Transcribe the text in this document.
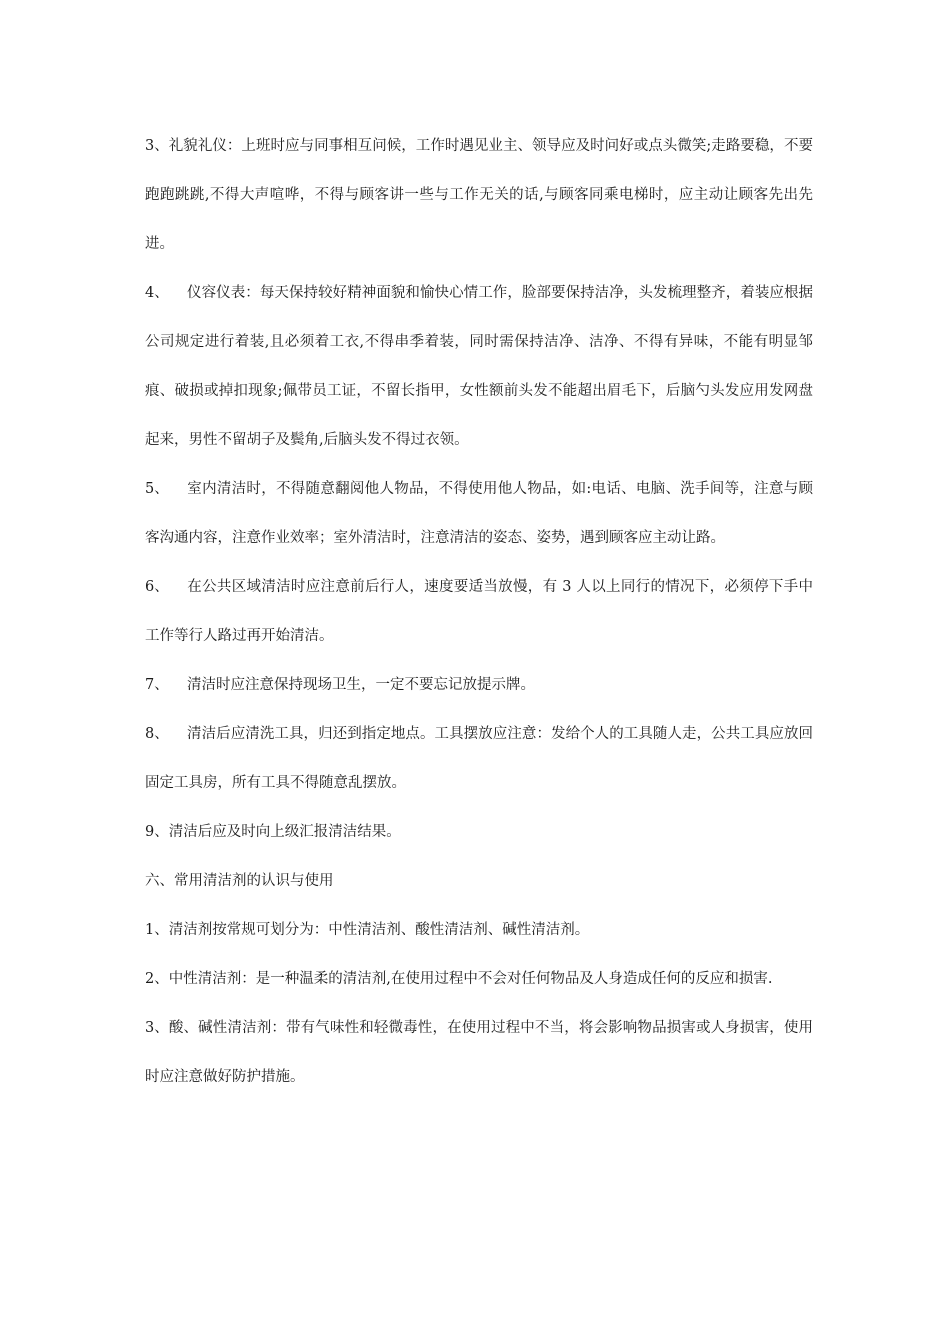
3、礼貌礼仪：上班时应与同事相互问候，工作时遇见业主、领导应及时问好或点头微笑;走路要稳，不要跑跑跳跳,不得大声喧哗，不得与顾客讲一些与工作无关的话,与顾客同乘电梯时，应主动让顾客先出先进。

4、 仪容仪表：每天保持较好精神面貌和愉快心情工作，脸部要保持洁净，头发梳理整齐，着装应根据公司规定进行着装,且必须着工衣,不得串季着装，同时需保持洁净、洁净、不得有异味，不能有明显邹痕、破损或掉扣现象;佩带员工证，不留长指甲，女性额前头发不能超出眉毛下，后脑勺头发应用发网盘起来，男性不留胡子及鬓角,后脑头发不得过衣领。

5、 室内清洁时，不得随意翻阅他人物品，不得使用他人物品，如:电话、电脑、洗手间等，注意与顾客沟通内容，注意作业效率；室外清洁时，注意清洁的姿态、姿势，遇到顾客应主动让路。

6、 在公共区域清洁时应注意前后行人，速度要适当放慢，有 3 人以上同行的情况下，必须停下手中工作等行人路过再开始清洁。

7、 清洁时应注意保持现场卫生，一定不要忘记放提示牌。

8、 清洁后应清洗工具，归还到指定地点。工具摆放应注意：发给个人的工具随人走，公共工具应放回固定工具房，所有工具不得随意乱摆放。

9、清洁后应及时向上级汇报清洁结果。

六、常用清洁剂的认识与使用

1、清洁剂按常规可划分为：中性清洁剂、酸性清洁剂、碱性清洁剂。

2、中性清洁剂：是一种温柔的清洁剂,在使用过程中不会对任何物品及人身造成任何的反应和损害.

3、酸、碱性清洁剂：带有气味性和轻微毒性，在使用过程中不当，将会影响物品损害或人身损害，使用时应注意做好防护措施。
